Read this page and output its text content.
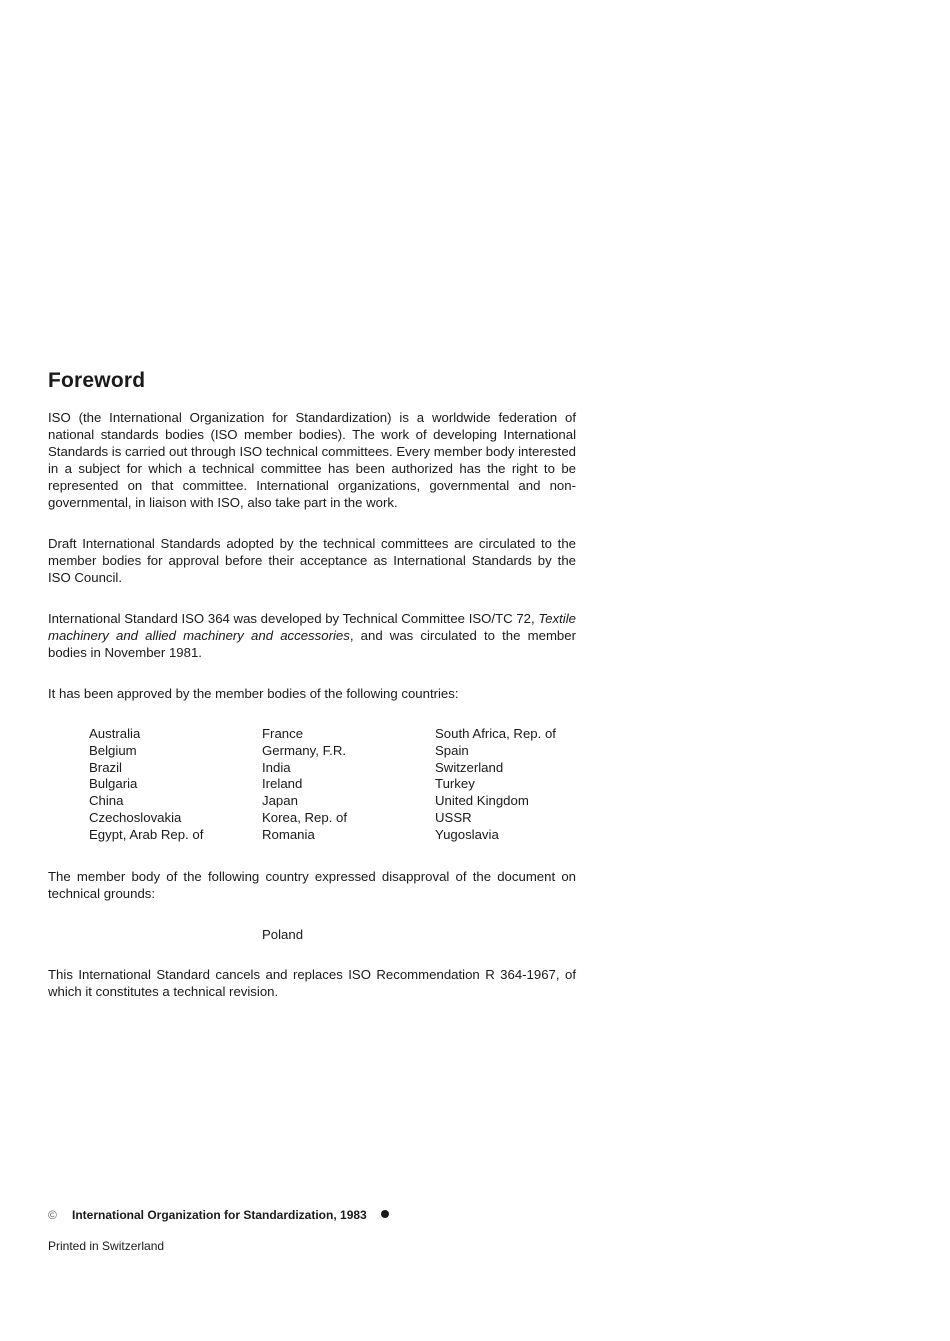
Foreword

ISO (the International Organization for Standardization) is a worldwide federation of national standards bodies (ISO member bodies). The work of developing International Standards is carried out through ISO technical committees. Every member body interested in a subject for which a technical committee has been authorized has the right to be represented on that committee. International organizations, governmental and non-governmental, in liaison with ISO, also take part in the work.

Draft International Standards adopted by the technical committees are circulated to the member bodies for approval before their acceptance as International Standards by the ISO Council.

International Standard ISO 364 was developed by Technical Committee ISO/TC 72, Textile machinery and allied machinery and accessories, and was circulated to the member bodies in November 1981.

It has been approved by the member bodies of the following countries:

Australia
Belgium
Brazil
Bulgaria
China
Czechoslovakia
Egypt, Arab Rep. of
France
Germany, F.R.
India
Ireland
Japan
Korea, Rep. of
Romania
South Africa, Rep. of
Spain
Switzerland
Turkey
United Kingdom
USSR
Yugoslavia

The member body of the following country expressed disapproval of the document on technical grounds:

Poland

This International Standard cancels and replaces ISO Recommendation R 364-1967, of which it constitutes a technical revision.

© International Organization for Standardization, 1983
Printed in Switzerland
